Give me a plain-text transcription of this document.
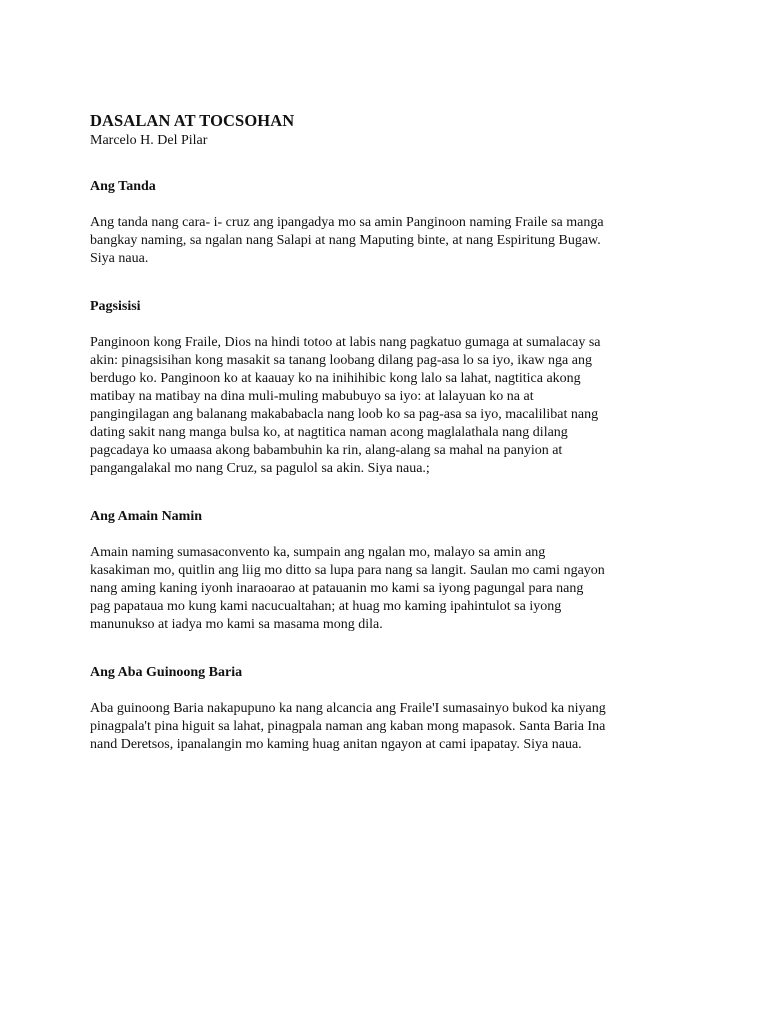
DASALAN AT TOCSOHAN

Marcelo H. Del Pilar

Ang Tanda
Ang tanda nang cara- i- cruz ang ipangadya mo sa amin Panginoon naming Fraile sa manga
bangkay naming, sa ngalan nang Salapi at nang Maputing binte, at nang Espiritung Bugaw.
Siya naua.
Pagsisisi
Panginoon kong Fraile, Dios na hindi totoo at labis nang pagkatuo gumaga at sumalacay sa
akin: pinagsisihan kong masakit sa tanang loobang dilang pag-asa lo sa iyo, ikaw nga ang
berdugo ko. Panginoon ko at kaauay ko na inihihibic kong lalo sa lahat, nagtitica akong
matibay na matibay na dina muli-muling mabubuyo sa iyo: at lalayuan ko na at
pangingilagan ang balanang makababacla nang loob ko sa pag-asa sa iyo, macalilibat nang
dating sakit nang manga bulsa ko, at nagtitica naman acong maglalathala nang dilang
pagcadaya ko umaasa akong babambuhin ka rin, alang-alang sa mahal na panyion at
pangangalakal mo nang Cruz, sa pagulol sa akin. Siya naua.;
Ang Amain Namin
Amain naming sumasaconvento ka, sumpain ang ngalan mo, malayo sa amin ang
kasakiman mo, quitlin ang liig mo ditto sa lupa para nang sa langit. Saulan mo cami ngayon
nang aming kaning iyonh inaraoarao at patauanin mo kami sa iyong pagungal para nang
pag papataua mo kung kami nacucualtahan; at huag mo kaming ipahintulot sa iyong
manunukso at iadya mo kami sa masama mong dila.
Ang Aba Guinoong Baria
Aba guinoong Baria nakapupuno ka nang alcancia ang Fraile'I sumasainyo bukod ka niyang
pinagpala't pina higuit sa lahat, pinagpala naman ang kaban mong mapasok. Santa Baria Ina
nand Deretsos, ipanalangin mo kaming huag anitan ngayon at cami ipapatay. Siya naua.
